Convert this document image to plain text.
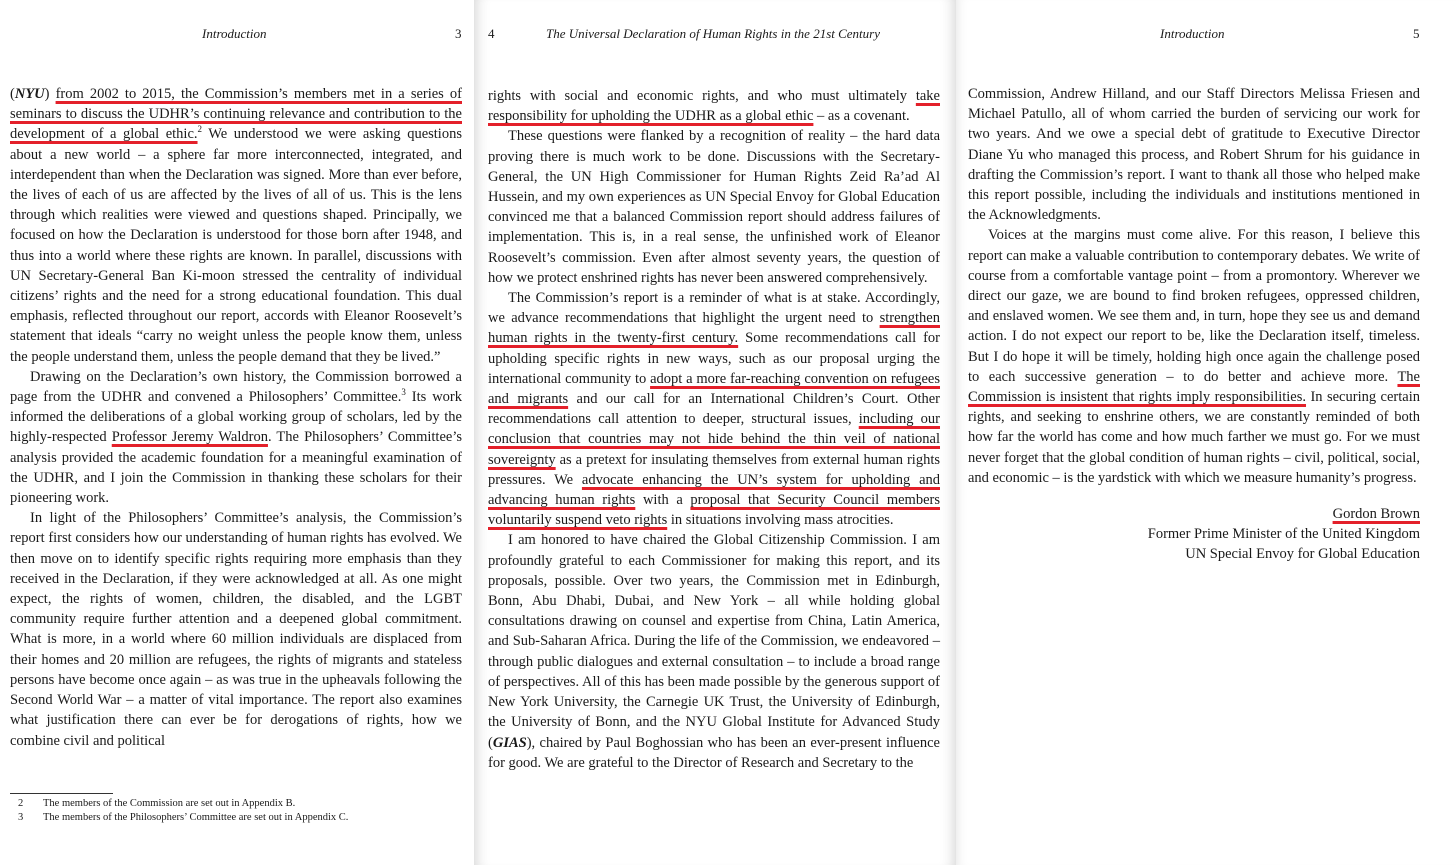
Introduction	3

(NYU) from 2002 to 2015, the Commission’s members met in a series of seminars to discuss the UDHR’s continuing relevance and contribution to the development of a global ethic.$^2$ We understood we were asking questions about a new world – a sphere far more interconnected, integrated, and interdependent than when the Declaration was signed. More than ever before, the lives of each of us are affected by the lives of all of us. This is the lens through which realities were viewed and questions shaped. Principally, we focused on how the Declaration is understood for those born after 1948, and thus into a world where these rights are known. In parallel, discussions with UN Secretary-General Ban Ki-moon stressed the centrality of individual citizens’ rights and the need for a strong educational foundation. This dual emphasis, reflected throughout our report, accords with Eleanor Roosevelt’s statement that ideals “carry no weight unless the people know them, unless the people understand them, unless the people demand that they be lived.”

Drawing on the Declaration’s own history, the Commission borrowed a page from the UDHR and convened a Philosophers’ Committee.$^3$ Its work informed the deliberations of a global working group of scholars, led by the highly-respected Professor Jeremy Waldron. The Philosophers’ Committee’s analysis provided the academic foundation for a meaningful examination of the UDHR, and I join the Commission in thanking these scholars for their pioneering work.

In light of the Philosophers’ Committee’s analysis, the Commission’s report first considers how our understanding of human rights has evolved. We then move on to identify specific rights requiring more emphasis than they received in the Declaration, if they were acknowledged at all. As one might expect, the rights of women, children, the disabled, and the LGBT community require further attention and a deepened global commitment. What is more, in a world where 60 million individuals are displaced from their homes and 20 million are refugees, the rights of migrants and stateless persons have become once again – as was true in the upheavals following the Second World War – a matter of vital importance. The report also examines what justification there can ever be for derogations of rights, how we combine civil and political

2	The members of the Commission are set out in Appendix B.
3	The members of the Philosophers’ Committee are set out in Appendix C.
4	The Universal Declaration of Human Rights in the 21st Century

rights with social and economic rights, and who must ultimately take responsibility for upholding the UDHR as a global ethic – as a covenant.

These questions were flanked by a recognition of reality – the hard data proving there is much work to be done. Discussions with the Secretary-General, the UN High Commissioner for Human Rights Zeid Ra’ad Al Hussein, and my own experiences as UN Special Envoy for Global Education convinced me that a balanced Commission report should address failures of implementation. This is, in a real sense, the unfinished work of Eleanor Roosevelt’s commission. Even after almost seventy years, the question of how we protect enshrined rights has never been answered comprehensively.

The Commission’s report is a reminder of what is at stake. Accordingly, we advance recommendations that highlight the urgent need to strengthen human rights in the twenty-first century. Some recommendations call for upholding specific rights in new ways, such as our proposal urging the international community to adopt a more far-reaching convention on refugees and migrants and our call for an International Children’s Court. Other recommendations call attention to deeper, structural issues, including our conclusion that countries may not hide behind the thin veil of national sovereignty as a pretext for insulating themselves from external human rights pressures. We advocate enhancing the UN’s system for upholding and advancing human rights with a proposal that Security Council members voluntarily suspend veto rights in situations involving mass atrocities.

I am honored to have chaired the Global Citizenship Commission. I am profoundly grateful to each Commissioner for making this report, and its proposals, possible. Over two years, the Commission met in Edinburgh, Bonn, Abu Dhabi, Dubai, and New York – all while holding global consultations drawing on counsel and expertise from China, Latin America, and Sub-Saharan Africa. During the life of the Commission, we endeavored – through public dialogues and external consultation – to include a broad range of perspectives. All of this has been made possible by the generous support of New York University, the Carnegie UK Trust, the University of Edinburgh, the University of Bonn, and the NYU Global Institute for Advanced Study (GIAS), chaired by Paul Boghossian who has been an ever-present influence for good. We are grateful to the Director of Research and Secretary to the

Introduction	5

Commission, Andrew Hilland, and our Staff Directors Melissa Friesen and Michael Patullo, all of whom carried the burden of servicing our work for two years. And we owe a special debt of gratitude to Executive Director Diane Yu who managed this process, and Robert Shrum for his guidance in drafting the Commission’s report. I want to thank all those who helped make this report possible, including the individuals and institutions mentioned in the Acknowledgments.

Voices at the margins must come alive. For this reason, I believe this report can make a valuable contribution to contemporary debates. We write of course from a comfortable vantage point – from a promontory. Wherever we direct our gaze, we are bound to find broken refugees, oppressed children, and enslaved women. We see them and, in turn, hope they see us and demand action. I do not expect our report to be, like the Declaration itself, timeless. But I do hope it will be timely, holding high once again the challenge posed to each successive generation – to do better and achieve more. The Commission is insistent that rights imply responsibilities. In securing certain rights, and seeking to enshrine others, we are constantly reminded of both how far the world has come and how much farther we must go. For we must never forget that the global condition of human rights – civil, political, social, and economic – is the yardstick with which we measure humanity’s progress.

Gordon Brown
Former Prime Minister of the United Kingdom
UN Special Envoy for Global Education
